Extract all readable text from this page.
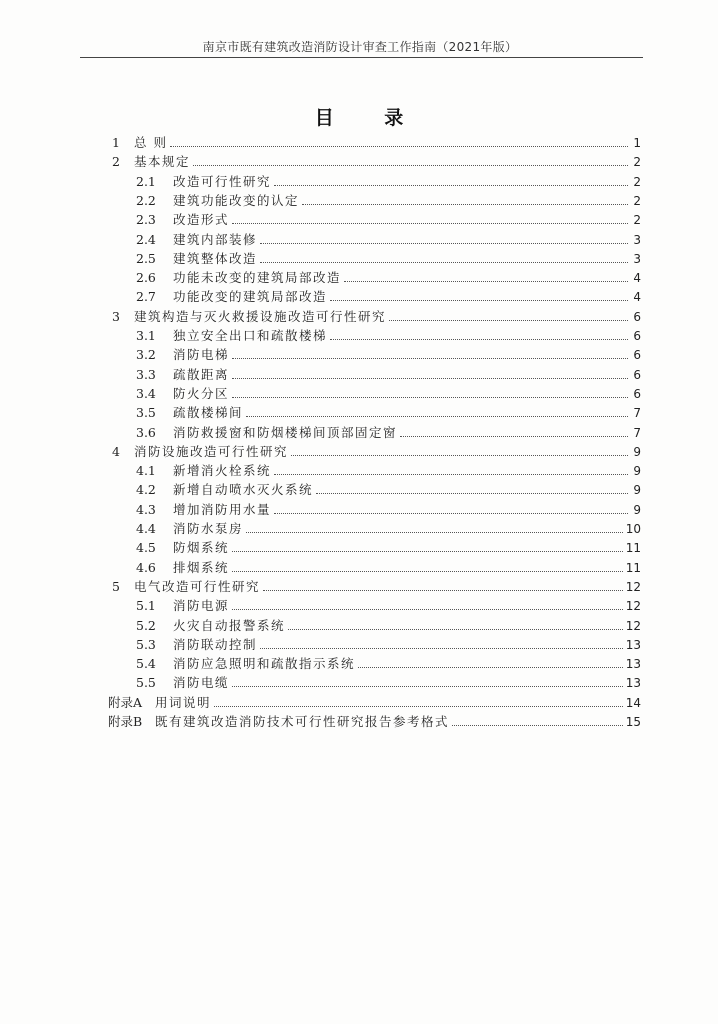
南京市既有建筑改造消防设计审查工作指南（2021年版）
目 录
1	总 则	1
2	基本规定	2
2.1	改造可行性研究	2
2.2	建筑功能改变的认定	2
2.3	改造形式	2
2.4	建筑内部装修	3
2.5	建筑整体改造	3
2.6	功能未改变的建筑局部改造	4
2.7	功能改变的建筑局部改造	4
3	建筑构造与灭火救援设施改造可行性研究	6
3.1	独立安全出口和疏散楼梯	6
3.2	消防电梯	6
3.3	疏散距离	6
3.4	防火分区	6
3.5	疏散楼梯间	7
3.6	消防救援窗和防烟楼梯间顶部固定窗	7
4	消防设施改造可行性研究	9
4.1	新增消火栓系统	9
4.2	新增自动喷水灭火系统	9
4.3	增加消防用水量	9
4.4	消防水泵房	10
4.5	防烟系统	11
4.6	排烟系统	11
5	电气改造可行性研究	12
5.1	消防电源	12
5.2	火灾自动报警系统	12
5.3	消防联动控制	13
5.4	消防应急照明和疏散指示系统	13
5.5	消防电缆	13
附录A	用词说明	14
附录B	既有建筑改造消防技术可行性研究报告参考格式	15
